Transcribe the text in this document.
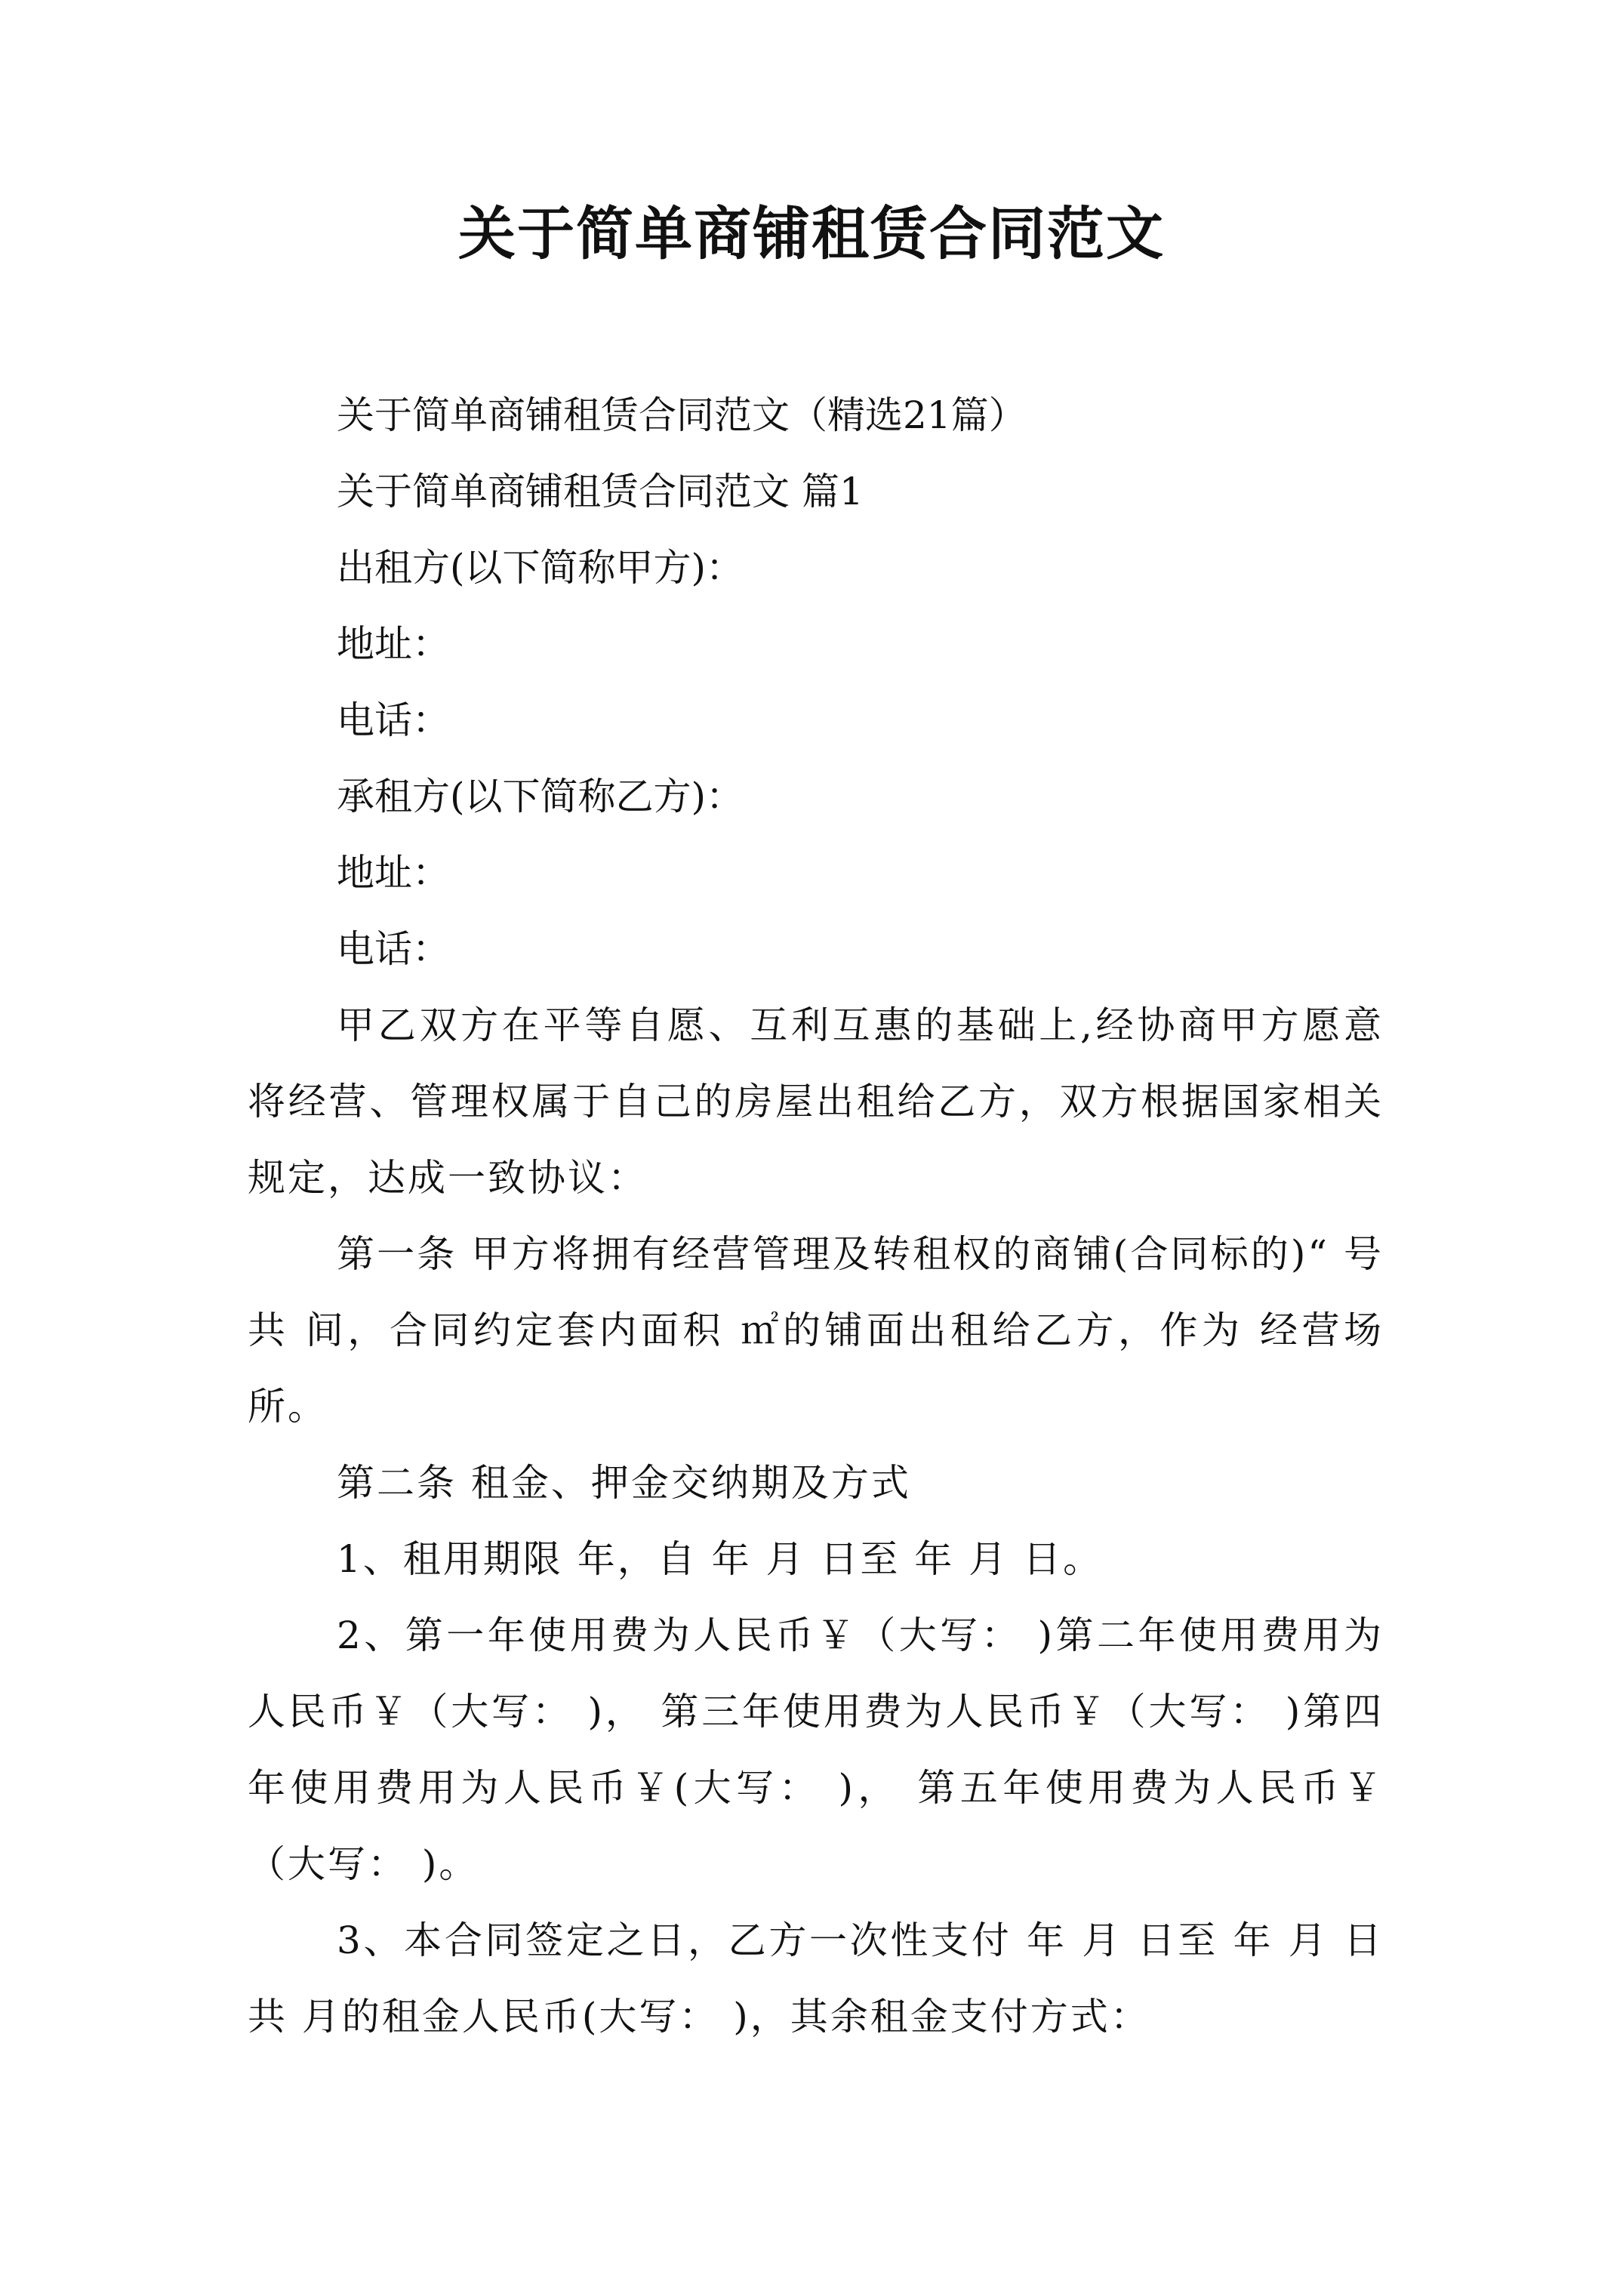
关于简单商铺租赁合同范文
关于简单商铺租赁合同范文（精选21篇）
关于简单商铺租赁合同范文 篇1
出租方(以下简称甲方)：
地址：
电话：
承租方(以下简称乙方)：
地址：
电话：

甲乙双方在平等自愿、互利互惠的基础上,经协商甲方愿意将经营、管理权属于自己的房屋出租给乙方，双方根据国家相关规定，达成一致协议：

第一条 甲方将拥有经营管理及转租权的商铺(合同标的)“ 号共 间，合同约定套内面积 ㎡的铺面出租给乙方，作为 经营场所。

第二条 租金、押金交纳期及方式

1、租用期限 年，自 年 月 日至 年 月 日。

2、第一年使用费为人民币￥（大写： )第二年使用费用为人民币￥（大写： )， 第三年使用费为人民币￥（大写： )第四年使用费用为人民币￥(大写： )， 第五年使用费为人民币￥（大写： )。

3、本合同签定之日，乙方一次性支付 年 月 日至 年 月 日共 月的租金人民币(大写： )，其余租金支付方式：
